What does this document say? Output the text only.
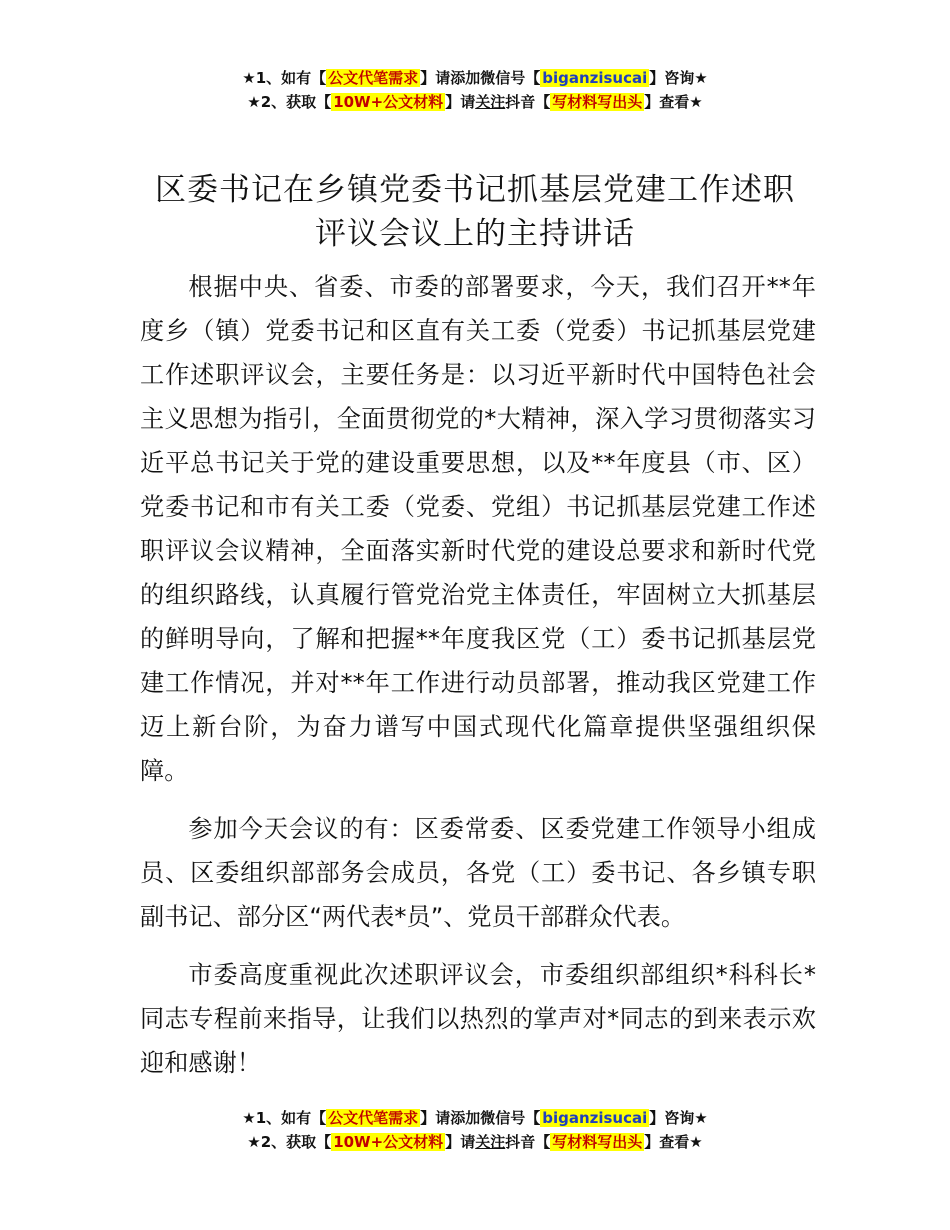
★1、如有【 公文代笔需求 】请添加微信号【 biganzisucai 】咨询★
★2、获取【 10W+公文材料 】请关注抖音【 写材料写出头 】查看★
区委书记在乡镇党委书记抓基层党建工作述职
评议会议上的主持讲话

根据中央、省委、市委的部署要求，今天，我们召开**年度乡（镇）党委书记和区直有关工委（党委）书记抓基层党建工作述职评议会，主要任务是：以习近平新时代中国特色社会主义思想为指引，全面贯彻党的*大精神，深入学习贯彻落实习近平总书记关于党的建设重要思想，以及**年度县（市、区）党委书记和市有关工委（党委、党组）书记抓基层党建工作述职评议会议精神，全面落实新时代党的建设总要求和新时代党的组织路线，认真履行管党治党主体责任，牢固树立大抓基层的鲜明导向，了解和把握**年度我区党（工）委书记抓基层党建工作情况，并对**年工作进行动员部署，推动我区党建工作迈上新台阶，为奋力谱写中国式现代化篇章提供坚强组织保障。

参加今天会议的有：区委常委、区委党建工作领导小组成员、区委组织部部务会成员，各党（工）委书记、各乡镇专职副书记、部分区“两代表*员”、党员干部群众代表。

市委高度重视此次述职评议会，市委组织部组织*科科长*同志专程前来指导，让我们以热烈的掌声对*同志的到来表示欢迎和感谢！

★1、如有【 公文代笔需求 】请添加微信号【 biganzisucai 】咨询★
★2、获取【 10W+公文材料 】请关注抖音【 写材料写出头 】查看★
